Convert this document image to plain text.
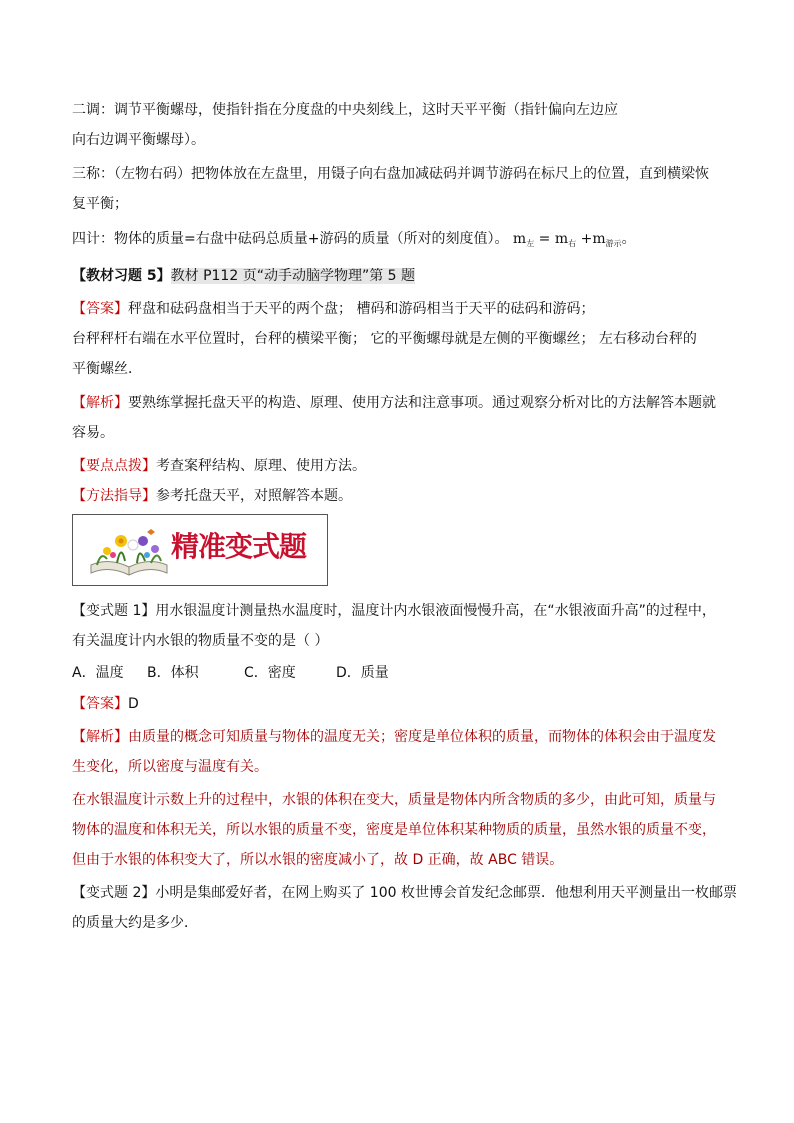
二调：调节平衡螺母，使指针指在分度盘的中央刻线上，这时天平平衡（指针偏向左边应
向右边调平衡螺母）。
三称：（左物右码）把物体放在左盘里，用镊子向右盘加减砝码并调节游码在标尺上的位置，直到横梁恢
复平衡；
四计：物体的质量=右盘中砝码总质量+游码的质量（所对的刻度值）。 $m_左 = m_右 +m_{游示}$。
【教材习题 5】教材 P112 页“动手动脑学物理”第 5 题
【答案】秤盘和砝码盘相当于天平的两个盘； 槽码和游码相当于天平的砝码和游码；
台秤秤杆右端在水平位置时，台秤的横梁平衡； 它的平衡螺母就是左侧的平衡螺丝； 左右移动台秤的
平衡螺丝．
【解析】要熟练掌握托盘天平的构造、原理、使用方法和注意事项。通过观察分析对比的方法解答本题就
容易。
【要点点拨】考查案秤结构、原理、使用方法。
【方法指导】参考托盘天平，对照解答本题。
精准变式题
【变式题 1】用水银温度计测量热水温度时，温度计内水银液面慢慢升高，在“水银液面升高”的过程中，
有关温度计内水银的物质量不变的是（ ）
A．温度 B．体积	C．密度	D．质量
【答案】D
【解析】由质量的概念可知质量与物体的温度无关；密度是单位体积的质量，而物体的体积会由于温度发
生变化，所以密度与温度有关。
在水银温度计示数上升的过程中，水银的体积在变大，质量是物体内所含物质的多少，由此可知，质量与
物体的温度和体积无关，所以水银的质量不变，密度是单位体积某种物质的质量，虽然水银的质量不变，
但由于水银的体积变大了，所以水银的密度减小了，故 D 正确，故 ABC 错误。
【变式题 2】小明是集邮爱好者，在网上购买了 100 枚世博会首发纪念邮票．他想利用天平测量出一枚邮票
的质量大约是多少．
